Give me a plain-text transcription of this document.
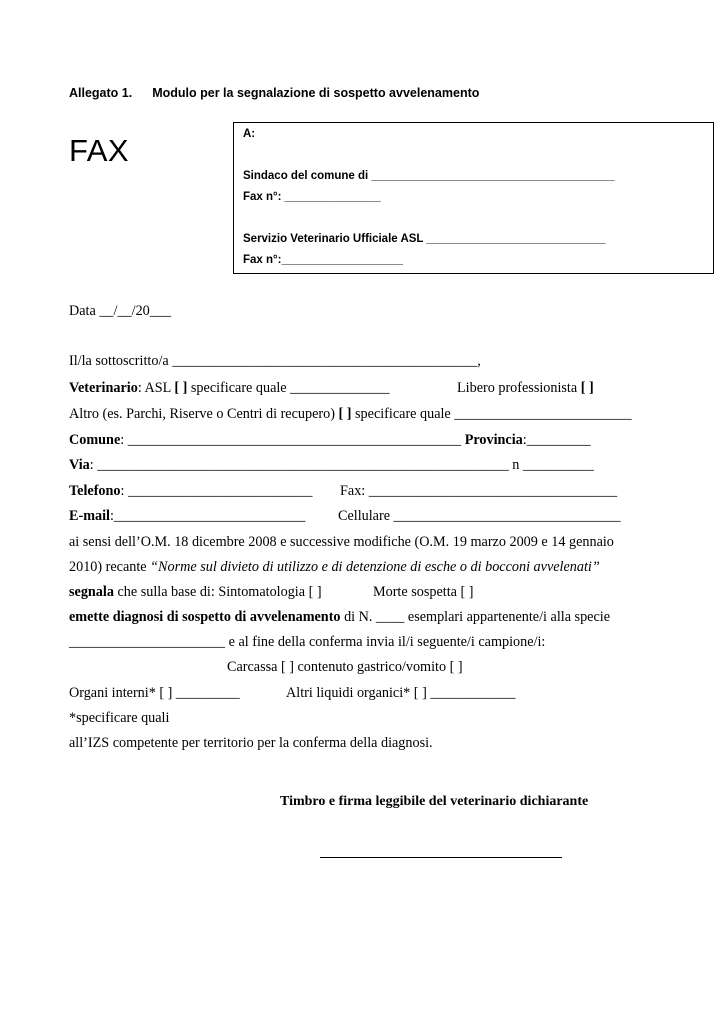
Allegato 1. Modulo per la segnalazione di sospetto avvelenamento
FAX	A:
Sindaco del comune di ______________________________________
Fax n°: _______________
Servizio Veterinario Ufficiale ASL ____________________________
Fax n°:___________________
Data __/__/20___
Il/la sottoscritto/a ___________________________________________,
Veterinario: ASL [ ] specificare quale ______________	Libero professionista [ ]
Altro (es. Parchi, Riserve o Centri di recupero) [ ] specificare quale _________________________
Comune: _______________________________________________ Provincia:_________
Via: __________________________________________________________ n __________
Telefono: __________________________ Fax: ___________________________________
E-mail:___________________________ Cellulare ________________________________
ai sensi dell’O.M. 18 dicembre 2008 e successive modifiche (O.M. 19 marzo 2009 e 14 gennaio
2010) recante “Norme sul divieto di utilizzo e di detenzione di esche o di bocconi avvelenati”
segnala che sulla base di: Sintomatologia [ ]	Morte sospetta [ ]
emette diagnosi di sospetto di avvelenamento di N. ____ esemplari appartenente/i alla specie
______________________ e al fine della conferma invia il/i seguente/i campione/i:
Carcassa [ ] contenuto gastrico/vomito [ ]
Organi interni* [ ] _________	Altri liquidi organici* [ ] ____________
*specificare quali
all’IZS competente per territorio per la conferma della diagnosi.
Timbro e firma leggibile del veterinario dichiarante
